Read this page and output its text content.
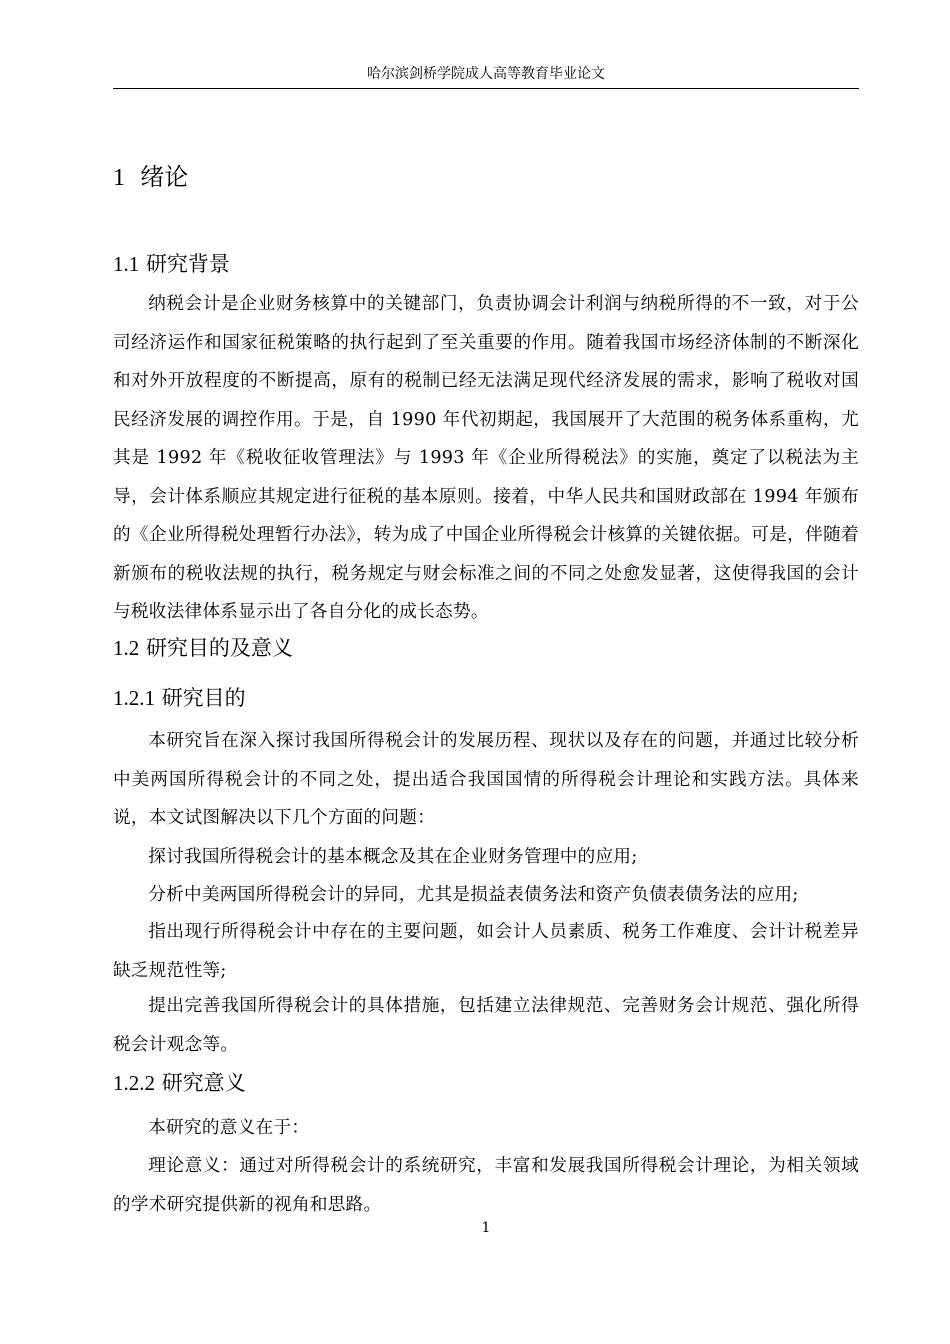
哈尔滨剑桥学院成人高等教育毕业论文
1 绪论
1.1 研究背景
纳税会计是企业财务核算中的关键部门，负责协调会计利润与纳税所得的不一致，对于公司经济运作和国家征税策略的执行起到了至关重要的作用。随着我国市场经济体制的不断深化和对外开放程度的不断提高，原有的税制已经无法满足现代经济发展的需求，影响了税收对国民经济发展的调控作用。于是，自 1990 年代初期起，我国展开了大范围的税务体系重构，尤其是 1992 年《税收征收管理法》与 1993 年《企业所得税法》的实施，奠定了以税法为主导，会计体系顺应其规定进行征税的基本原则。接着，中华人民共和国财政部在 1994 年颁布的《企业所得税处理暂行办法》，转为成了中国企业所得税会计核算的关键依据。可是，伴随着新颁布的税收法规的执行，税务规定与财会标准之间的不同之处愈发显著，这使得我国的会计与税收法律体系显示出了各自分化的成长态势。
1.2 研究目的及意义
1.2.1 研究目的
本研究旨在深入探讨我国所得税会计的发展历程、现状以及存在的问题，并通过比较分析中美两国所得税会计的不同之处，提出适合我国国情的所得税会计理论和实践方法。具体来说，本文试图解决以下几个方面的问题：
探讨我国所得税会计的基本概念及其在企业财务管理中的应用;
分析中美两国所得税会计的异同，尤其是损益表债务法和资产负债表债务法的应用;
指出现行所得税会计中存在的主要问题，如会计人员素质、税务工作难度、会计计税差异缺乏规范性等;
提出完善我国所得税会计的具体措施，包括建立法律规范、完善财务会计规范、强化所得税会计观念等。
1.2.2 研究意义
本研究的意义在于：
理论意义：通过对所得税会计的系统研究，丰富和发展我国所得税会计理论，为相关领域的学术研究提供新的视角和思路。
1
